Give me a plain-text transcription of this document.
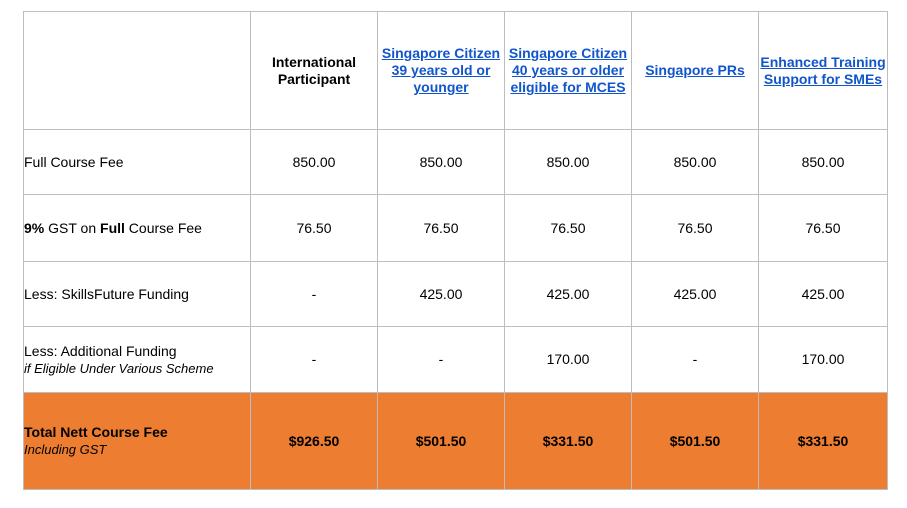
	International Participant	Singapore Citizen 39 years old or younger	Singapore Citizen 40 years or older eligible for MCES	Singapore PRs	Enhanced Training Support for SMEs
Full Course Fee	850.00	850.00	850.00	850.00	850.00
9% GST on Full Course Fee	76.50	76.50	76.50	76.50	76.50
Less: SkillsFuture Funding	-	425.00	425.00	425.00	425.00

Less: Additional Funding
if Eligible Under Various Scheme	-	-	170.00	-	170.00

Total Nett Course Fee
Including GST	$926.50	$501.50	$331.50	$501.50	$331.50
